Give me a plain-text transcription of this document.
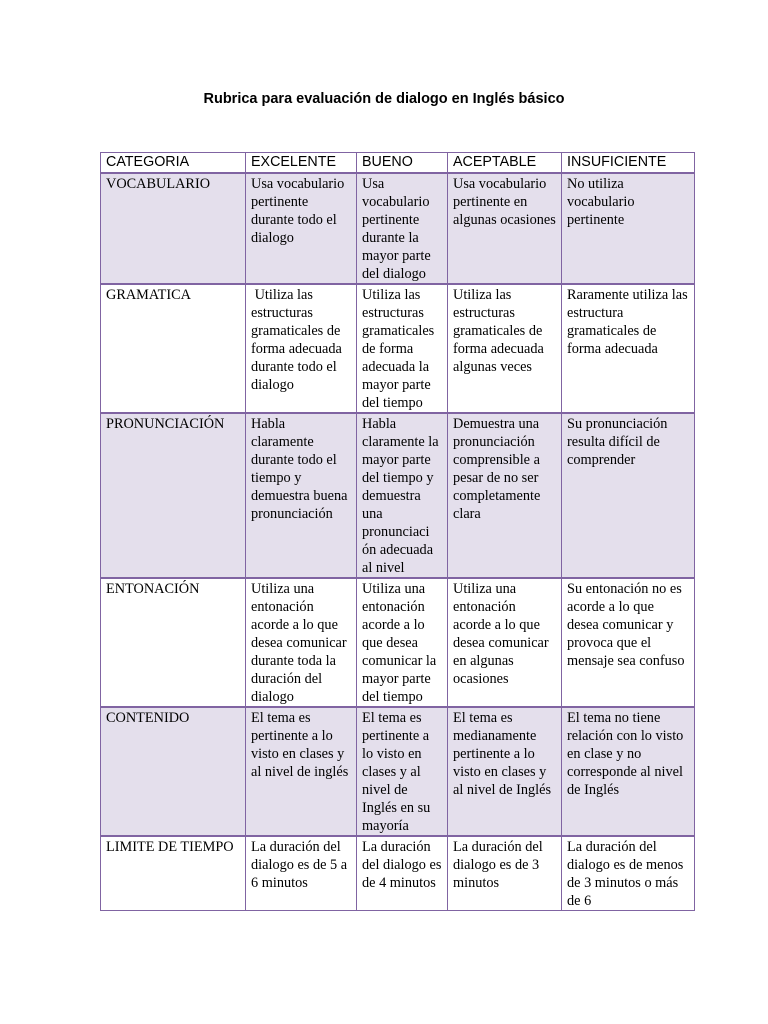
Rubrica para evaluación de dialogo en Inglés básico
CATEGORIA	EXCELENTE	BUENO	ACEPTABLE	INSUFICIENTE
VOCABULARIO	Usa vocabulario pertinente durante todo el dialogo	Usa vocabulario pertinente durante la mayor parte del dialogo	Usa vocabulario pertinente en algunas ocasiones	No utiliza vocabulario pertinente
GRAMATICA	Utiliza las estructuras gramaticales de forma adecuada durante todo el dialogo	Utiliza las estructuras gramaticales de forma adecuada la mayor parte del tiempo	Utiliza las estructuras gramaticales de forma adecuada algunas veces	Raramente utiliza las estructura gramaticales de forma adecuada
PRONUNCIACIÓN	Habla claramente durante todo el tiempo y demuestra buena pronunciación	Habla claramente la mayor parte del tiempo y demuestra una pronunciaci ón adecuada al nivel	Demuestra una pronunciación comprensible a pesar de no ser completamente clara	Su pronunciación resulta difícil de comprender
ENTONACIÓN	Utiliza una entonación acorde a lo que desea comunicar durante toda la duración del dialogo	Utiliza una entonación acorde a lo que desea comunicar la mayor parte del tiempo	Utiliza una entonación acorde a lo que desea comunicar en algunas ocasiones	Su entonación no es acorde a lo que desea comunicar y provoca que el mensaje sea confuso
CONTENIDO	El tema es pertinente a lo visto en clases y al nivel de inglés	El tema es pertinente a lo visto en clases y al nivel de Inglés en su mayoría	El tema es medianamente pertinente a lo visto en clases y al nivel de Inglés	El tema no tiene relación con lo visto en clase y no corresponde al nivel de Inglés
LIMITE DE TIEMPO	La duración del dialogo es de 5 a 6 minutos	La duración del dialogo es de 4 minutos	La duración del dialogo es de 3 minutos	La duración del dialogo es de menos de 3 minutos o más de 6
